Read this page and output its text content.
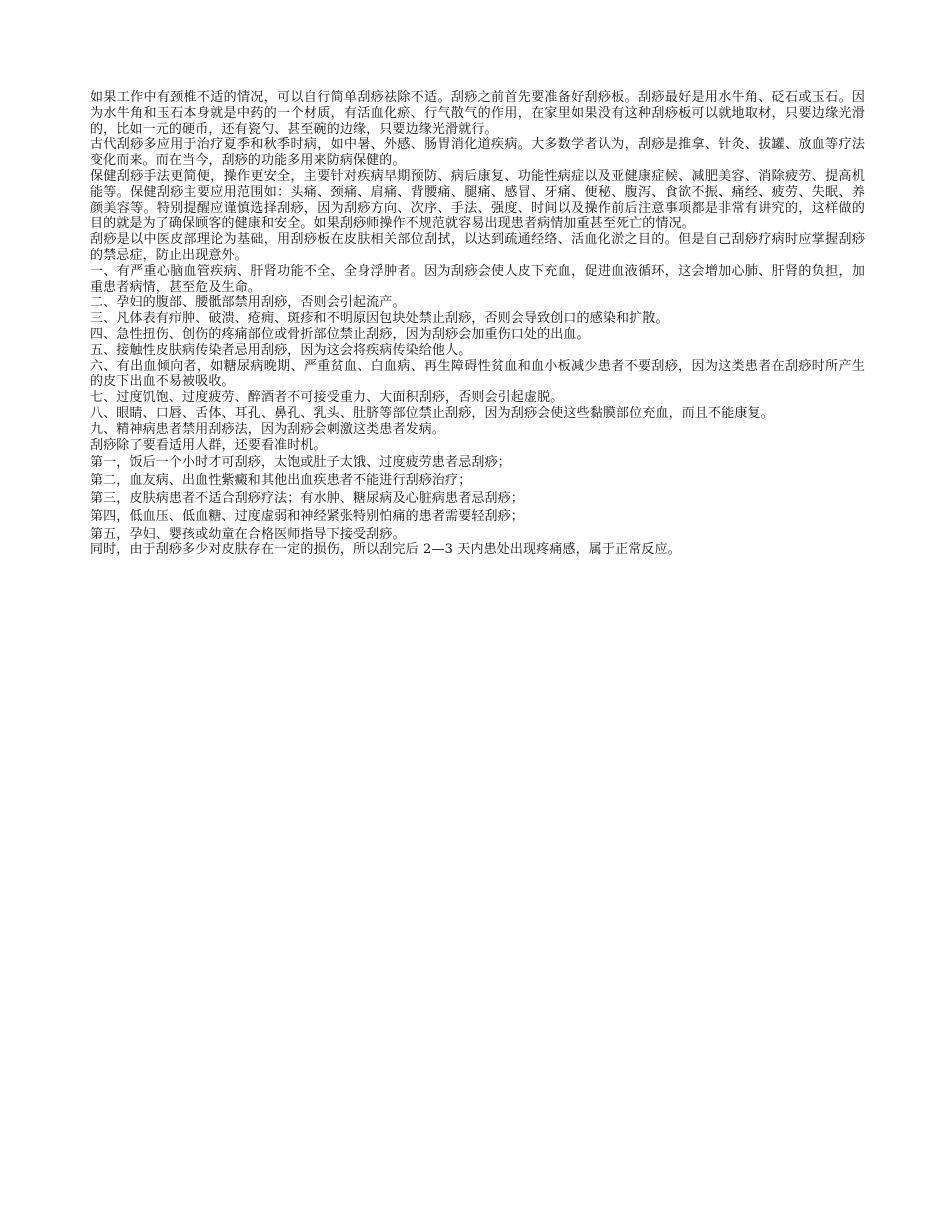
如果工作中有颈椎不适的情况，可以自行简单刮痧祛除不适。刮痧之前首先要准备好刮痧板。刮痧最好是用水牛角、砭石或玉石。因为水牛角和玉石本身就是中药的一个材质，有活血化瘀、行气散气的作用，在家里如果没有这种刮痧板可以就地取材，只要边缘光滑的，比如一元的硬币，还有瓷勺、甚至碗的边缘，只要边缘光滑就行。

古代刮痧多应用于治疗夏季和秋季时病，如中暑、外感、肠胃消化道疾病。大多数学者认为，刮痧是推拿、针灸、拔罐、放血等疗法变化而来。而在当今，刮痧的功能多用来防病保健的。

保健刮痧手法更简便，操作更安全，主要针对疾病早期预防、病后康复、功能性病症以及亚健康症候、减肥美容、消除疲劳、提高机能等。保健刮痧主要应用范围如：头痛、颈痛、肩痛、背腰痛、腿痛、感冒、牙痛、便秘、腹泻、食欲不振、痛经、疲劳、失眠、养颜美容等。特别提醒应谨慎选择刮痧，因为刮痧方向、次序、手法、强度、时间以及操作前后注意事项都是非常有讲究的，这样做的目的就是为了确保顾客的健康和安全。如果刮痧师操作不规范就容易出现患者病情加重甚至死亡的情况。

刮痧是以中医皮部理论为基础，用刮痧板在皮肤相关部位刮拭，以达到疏通经络、活血化淤之目的。但是自己刮痧疗病时应掌握刮痧的禁忌症，防止出现意外。

一、有严重心脑血管疾病、肝肾功能不全、全身浮肿者。因为刮痧会使人皮下充血，促进血液循环，这会增加心肺、肝肾的负担，加重患者病情，甚至危及生命。

二、孕妇的腹部、腰骶部禁用刮痧，否则会引起流产。

三、凡体表有疖肿、破溃、疮痈、斑疹和不明原因包块处禁止刮痧，否则会导致创口的感染和扩散。

四、急性扭伤、创伤的疼痛部位或骨折部位禁止刮痧，因为刮痧会加重伤口处的出血。

五、接触性皮肤病传染者忌用刮痧，因为这会将疾病传染给他人。

六、有出血倾向者，如糖尿病晚期、严重贫血、白血病、再生障碍性贫血和血小板减少患者不要刮痧，因为这类患者在刮痧时所产生的皮下出血不易被吸收。

七、过度饥饱、过度疲劳、醉酒者不可接受重力、大面积刮痧，否则会引起虚脱。

八、眼睛、口唇、舌体、耳孔、鼻孔、乳头、肚脐等部位禁止刮痧，因为刮痧会使这些黏膜部位充血，而且不能康复。

九、精神病患者禁用刮痧法，因为刮痧会刺激这类患者发病。

刮痧除了要看适用人群，还要看准时机。

第一，饭后一个小时才可刮痧，太饱或肚子太饿、过度疲劳患者忌刮痧；

第二，血友病、出血性紫癜和其他出血疾患者不能进行刮痧治疗；

第三，皮肤病患者不适合刮痧疗法；有水肿、糖尿病及心脏病患者忌刮痧；

第四，低血压、低血糖、过度虚弱和神经紧张特别怕痛的患者需要轻刮痧；

第五，孕妇、婴孩或幼童在合格医师指导下接受刮痧。

同时，由于刮痧多少对皮肤存在一定的损伤，所以刮完后 2—3 天内患处出现疼痛感，属于正常反应。
